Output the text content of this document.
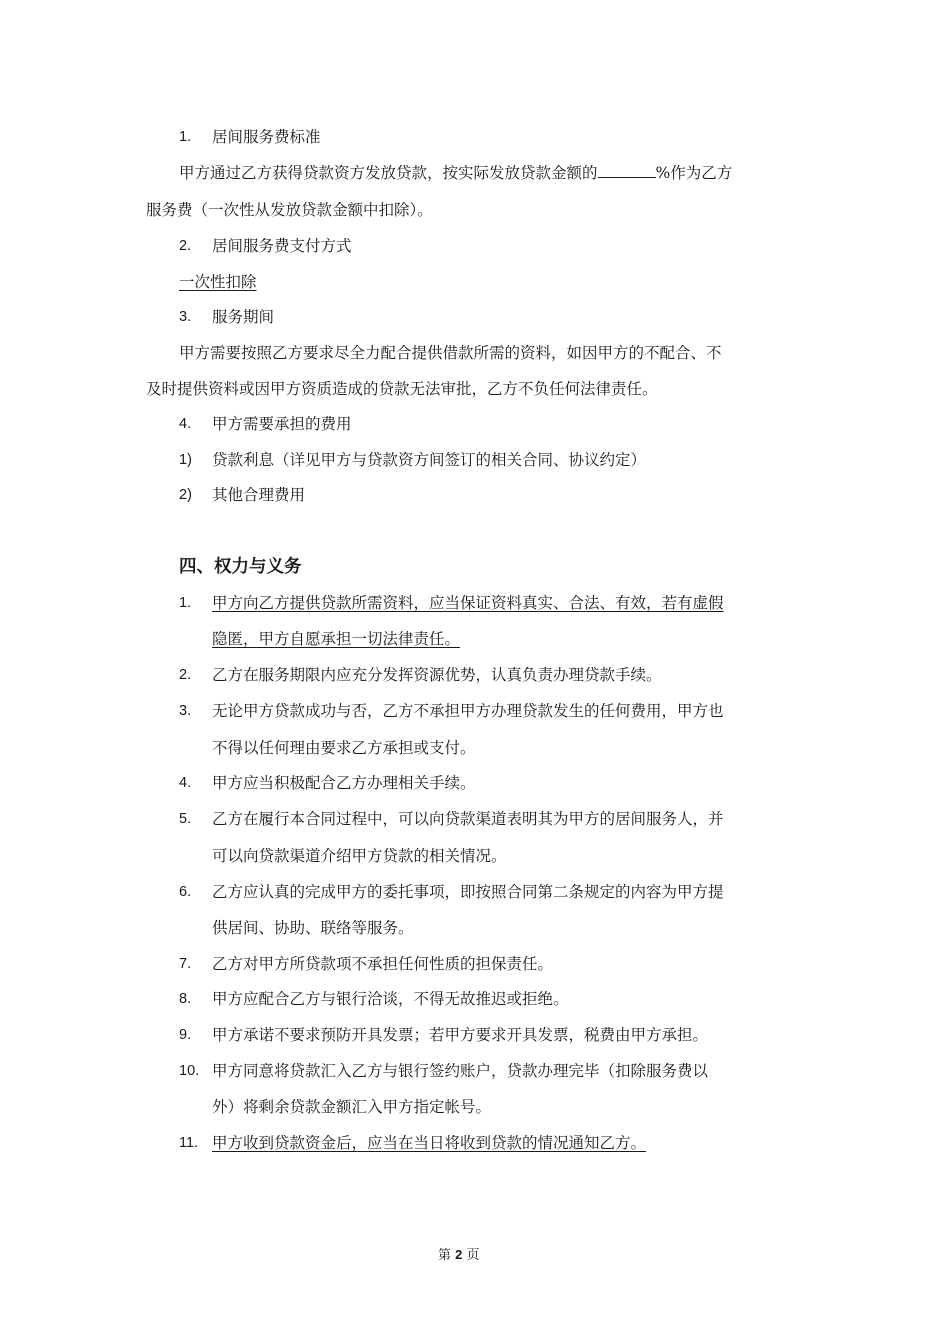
1. 居间服务费标准
甲方通过乙方获得贷款资方发放贷款，按实际发放贷款金额的	%作为乙方
服务费（一次性从发放贷款金额中扣除）。
2. 居间服务费支付方式
一次性扣除
3. 服务期间
甲方需要按照乙方要求尽全力配合提供借款所需的资料，如因甲方的不配合、不
及时提供资料或因甲方资质造成的贷款无法审批，乙方不负任何法律责任。
4. 甲方需要承担的费用
1) 贷款利息（详见甲方与贷款资方间签订的相关合同、协议约定）
2) 其他合理费用
四、权力与义务
1. 甲方向乙方提供贷款所需资料，应当保证资料真实、合法、有效，若有虚假
隐匿，甲方自愿承担一切法律责任。
2. 乙方在服务期限内应充分发挥资源优势，认真负责办理贷款手续。
3. 无论甲方贷款成功与否，乙方不承担甲方办理贷款发生的任何费用，甲方也
不得以任何理由要求乙方承担或支付。
4. 甲方应当积极配合乙方办理相关手续。
5. 乙方在履行本合同过程中，可以向贷款渠道表明其为甲方的居间服务人，并
可以向贷款渠道介绍甲方贷款的相关情况。
6. 乙方应认真的完成甲方的委托事项，即按照合同第二条规定的内容为甲方提
供居间、协助、联络等服务。
7. 乙方对甲方所贷款项不承担任何性质的担保责任。
8. 甲方应配合乙方与银行洽谈，不得无故推迟或拒绝。
9. 甲方承诺不要求预防开具发票；若甲方要求开具发票，税费由甲方承担。
10. 甲方同意将贷款汇入乙方与银行签约账户，贷款办理完毕（扣除服务费以
外）将剩余贷款金额汇入甲方指定帐号。
11. 甲方收到贷款资金后，应当在当日将收到贷款的情况通知乙方。
第 2 页
